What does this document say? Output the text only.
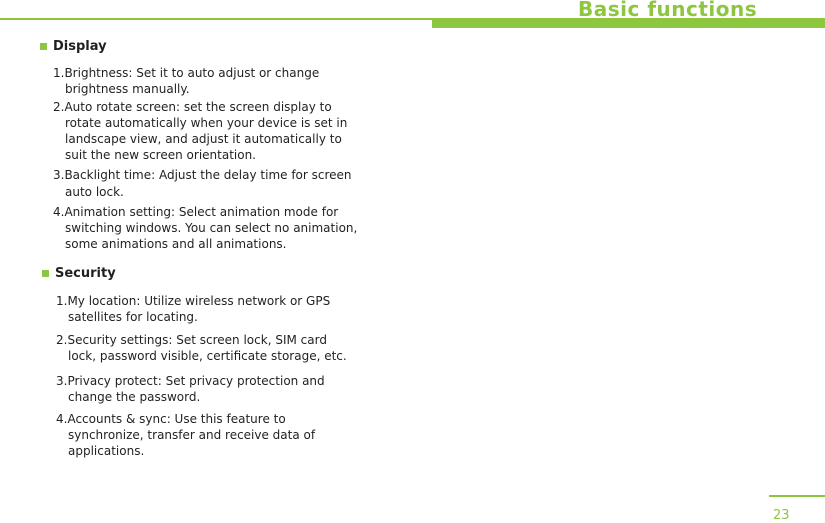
Basic functions
Display
1.Brightness: Set it to auto adjust or change
brightness manually.
2.Auto rotate screen: set the screen display to
rotate automatically when your device is set in
landscape view, and adjust it automatically to
suit the new screen orientation.
3.Backlight time: Adjust the delay time for screen
auto lock.
4.Animation setting: Select animation mode for
switching windows. You can select no animation,
some animations and all animations.
Security
1.My location: Utilize wireless network or GPS
satellites for locating.
2.Security settings: Set screen lock, SIM card
lock, password visible, certificate storage, etc.
3.Privacy protect: Set privacy protection and
change the password.
4.Accounts & sync: Use this feature to
synchronize, transfer and receive data of
applications.
23
